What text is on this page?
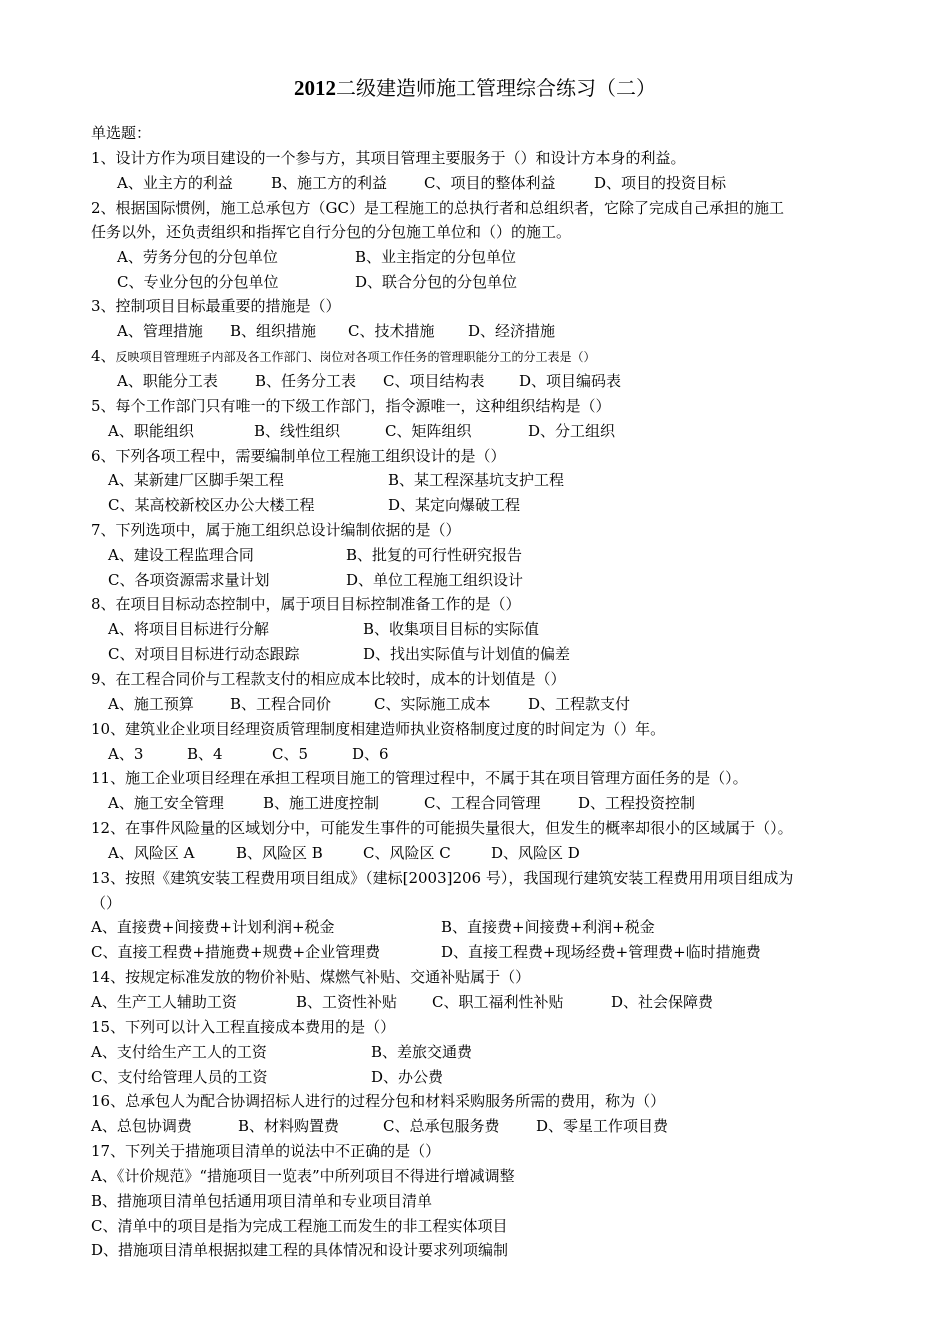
2012二级建造师施工管理综合练习（二）
单选题：
1、设计方作为项目建设的一个参与方，其项目管理主要服务于（）和设计方本身的利益。
A、业主方的利益	B、施工方的利益 C、项目的整体利益	D、项目的投资目标
2、根据国际惯例，施工总承包方（GC）是工程施工的总执行者和总组织者，它除了完成自己承担的施工
任务以外，还负责组织和指挥它自行分包的分包施工单位和（）的施工。
A、劳务分包的分包单位	B、业主指定的分包单位
C、专业分包的分包单位	D、联合分包的分包单位
3、控制项目目标最重要的措施是（）
A、管理措施 B、组织措施 C、技术措施 D、经济措施
4、反映项目管理班子内部及各工作部门、岗位对各项工作任务的管理职能分工的分工表是（）
A、职能分工表 B、任务分工表 C、项目结构表 D、项目编码表
5、每个工作部门只有唯一的下级工作部门，指令源唯一，这种组织结构是（）
A、职能组织	B、线性组织	C、矩阵组织	D、分工组织
6、下列各项工程中，需要编制单位工程施工组织设计的是（）
A、某新建厂区脚手架工程	B、某工程深基坑支护工程
C、某高校新校区办公大楼工程	D、某定向爆破工程
7、下列选项中，属于施工组织总设计编制依据的是（）
A、建设工程监理合同	B、批复的可行性研究报告
C、各项资源需求量计划	D、单位工程施工组织设计
8、在项目目标动态控制中，属于项目目标控制准备工作的是（）
A、将项目目标进行分解	B、收集项目目标的实际值
C、对项目目标进行动态跟踪	D、找出实际值与计划值的偏差
9、在工程合同价与工程款支付的相应成本比较时，成本的计划值是（）
A、施工预算 B、工程合同价	C、实际施工成本	D、工程款支付
10、建筑业企业项目经理资质管理制度相建造师执业资格制度过度的时间定为（）年。
A、3	B、4	C、5	D、6
11、施工企业项目经理在承担工程项目施工的管理过程中，不属于其在项目管理方面任务的是（）。
A、施工安全管理	B、施工进度控制	C、工程合同管理	D、工程投资控制
12、在事件风险量的区域划分中，可能发生事件的可能损失量很大，但发生的概率却很小的区域属于（）。
A、风险区 A	B、风险区 B	C、风险区 C	D、风险区 D
13、按照《建筑安装工程费用项目组成》（建标[2003]206 号），我国现行建筑安装工程费用用项目组成为
（）
A、直接费+间接费+计划利润+税金	B、直接费+间接费+利润+税金
C、直接工程费+措施费+规费+企业管理费	D、直接工程费+现场经费+管理费+临时措施费
14、按规定标准发放的物价补贴、煤燃气补贴、交通补贴属于（）
A、生产工人辅助工资	B、工资性补贴 C、职工福利性补贴	D、社会保障费
15、下列可以计入工程直接成本费用的是（）
A、支付给生产工人的工资	B、差旅交通费
C、支付给管理人员的工资	D、办公费
16、总承包人为配合协调招标人进行的过程分包和材料采购服务所需的费用，称为（）
A、总包协调费	B、材料购置费	C、总承包服务费 D、零星工作项目费
17、下列关于措施项目清单的说法中不正确的是（）
A、《计价规范》“措施项目一览表”中所列项目不得进行增减调整
B、措施项目清单包括通用项目清单和专业项目清单
C、清单中的项目是指为完成工程施工而发生的非工程实体项目
D、措施项目清单根据拟建工程的具体情况和设计要求列项编制
